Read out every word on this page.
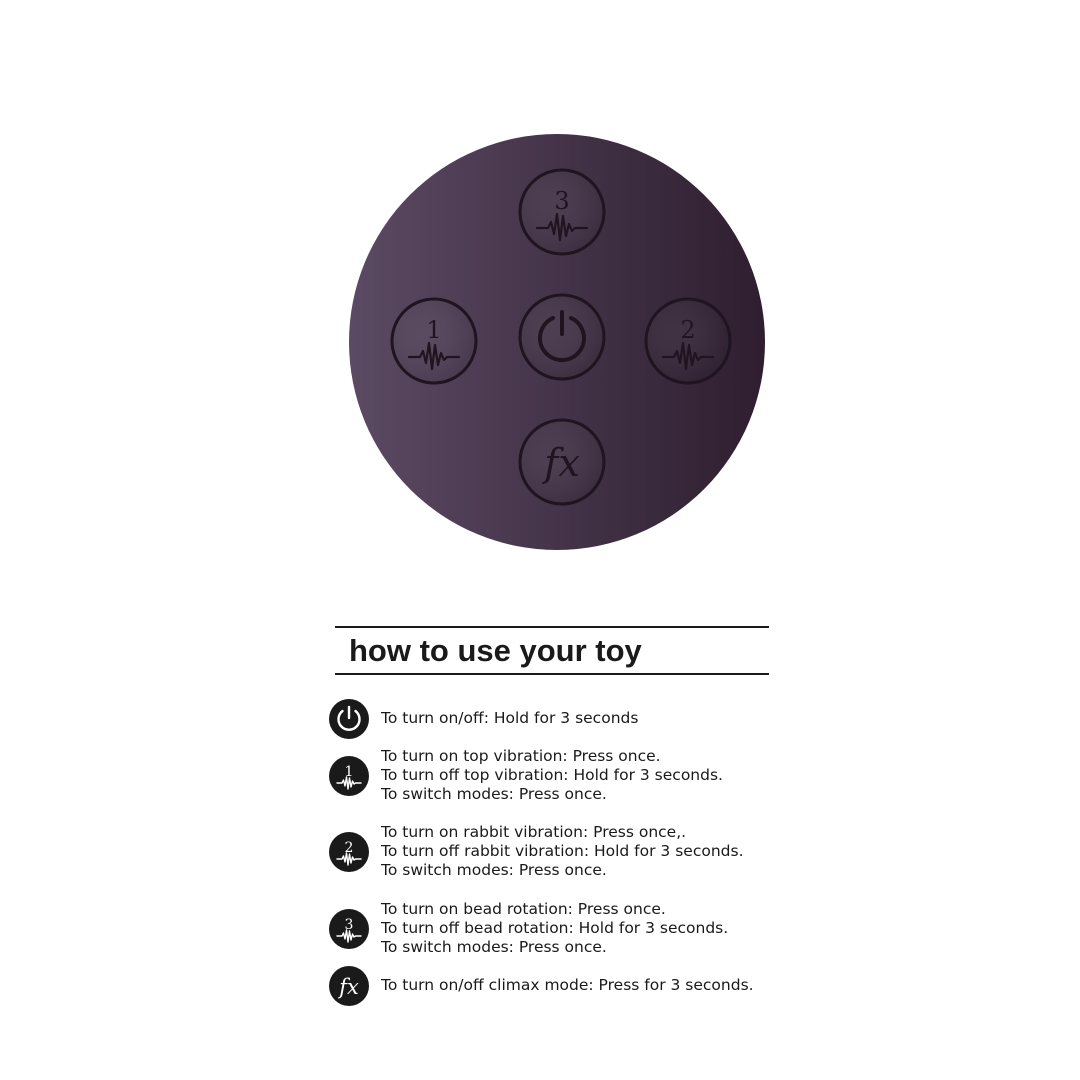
3
1	2
fx
how to use your toy
To turn on/off: Hold for 3 seconds
1
To turn on top vibration: Press once.
To turn off top vibration: Hold for 3 seconds.
To switch modes: Press once.
2
To turn on rabbit vibration: Press once,.
To turn off rabbit vibration: Hold for 3 seconds.
To switch modes: Press once.
3
To turn on bead rotation: Press once.
To turn off bead rotation: Hold for 3 seconds.
To switch modes: Press once.
fx To turn on/off climax mode: Press for 3 seconds.
